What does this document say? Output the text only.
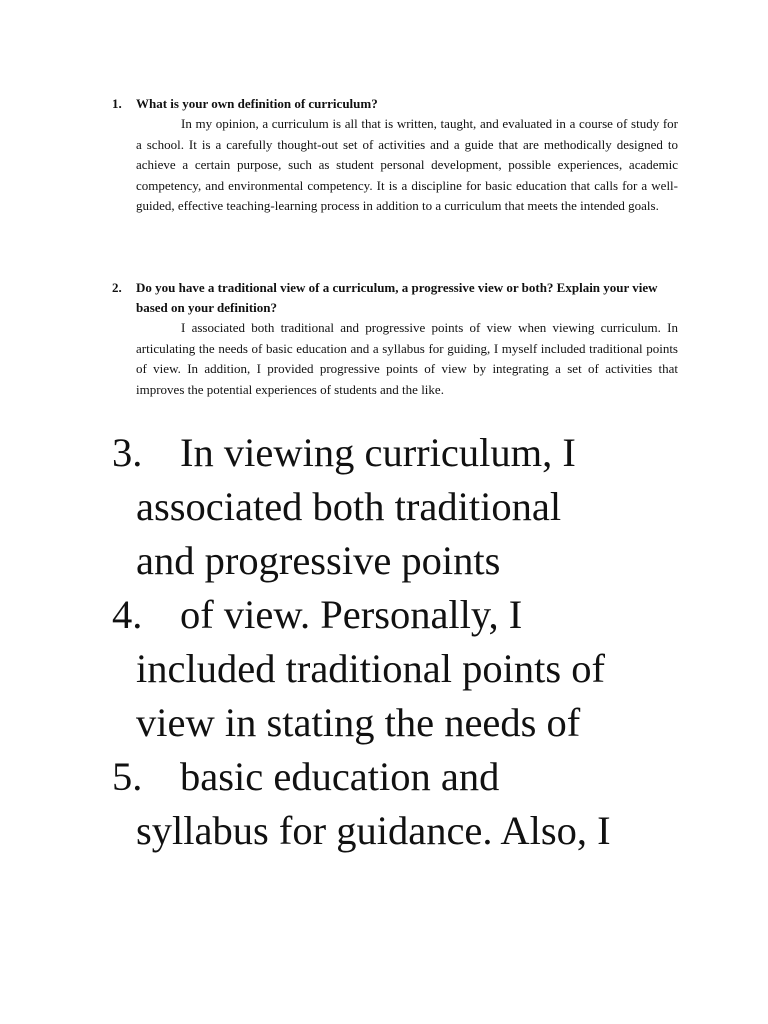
1. What is your own definition of curriculum?
In my opinion, a curriculum is all that is written, taught, and evaluated in a course of study for a school. It is a carefully thought-out set of activities and a guide that are methodically designed to achieve a certain purpose, such as student personal development, possible experiences, academic competency, and environmental competency. It is a discipline for basic education that calls for a well-guided, effective teaching-learning process in addition to a curriculum that meets the intended goals.
2. Do you have a traditional view of a curriculum, a progressive view or both? Explain your view based on your definition?
I associated both traditional and progressive points of view when viewing curriculum. In articulating the needs of basic education and a syllabus for guiding, I myself included traditional points of view. In addition, I provided progressive points of view by integrating a set of activities that improves the potential experiences of students and the like.
3. In viewing curriculum, I
associated both traditional
and progressive points
4. of view. Personally, I
included traditional points of
view in stating the needs of
5. basic education and
syllabus for guidance. Also, I
